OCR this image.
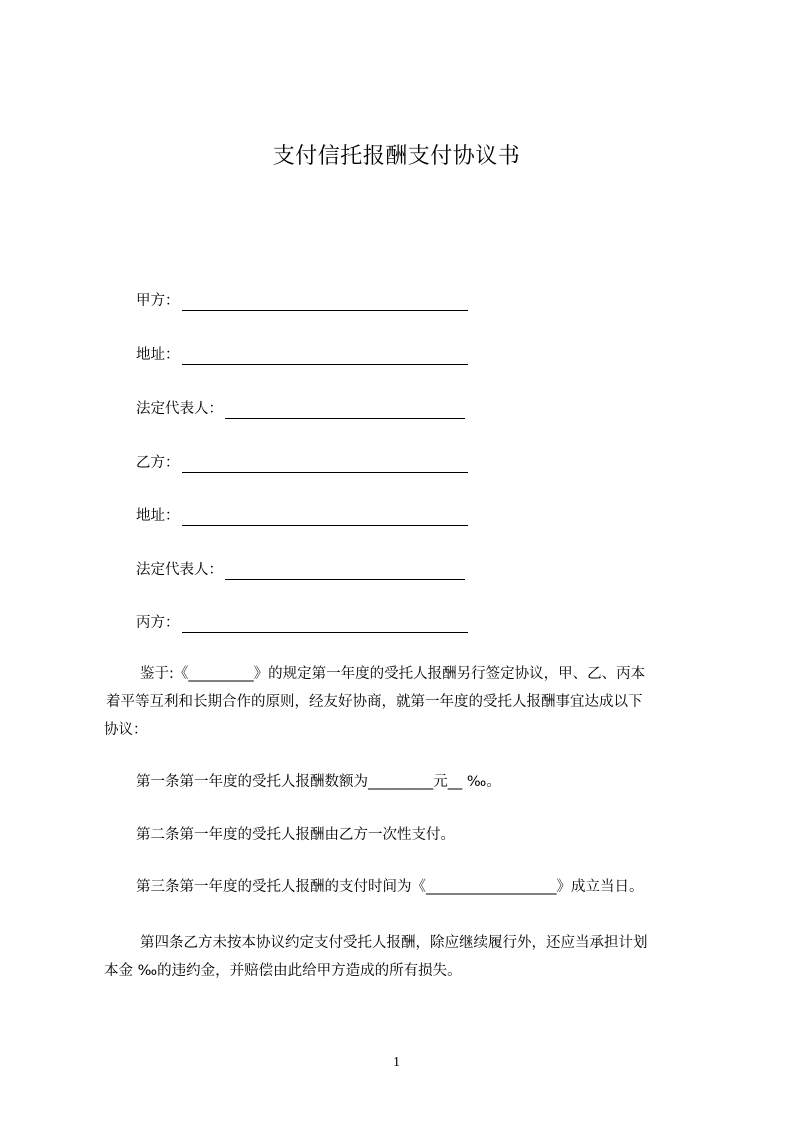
支付信托报酬支付协议书
甲方：
地址：
法定代表人：
乙方：
地址：
法定代表人：
丙方：
鉴于:《_________》的规定第一年度的受托人报酬另行签定协议，甲、乙、丙本
着平等互利和长期合作的原则，经友好协商，就第一年度的受托人报酬事宜达成以下
协议：
第一条第一年度的受托人报酬数额为_________元__ ‰。
第二条第一年度的受托人报酬由乙方一次性支付。
第三条第一年度的受托人报酬的支付时间为《__________________》成立当日。
第四条乙方未按本协议约定支付受托人报酬，除应继续履行外，还应当承担计划
本金 ‰的违约金，并赔偿由此给甲方造成的所有损失。
1
